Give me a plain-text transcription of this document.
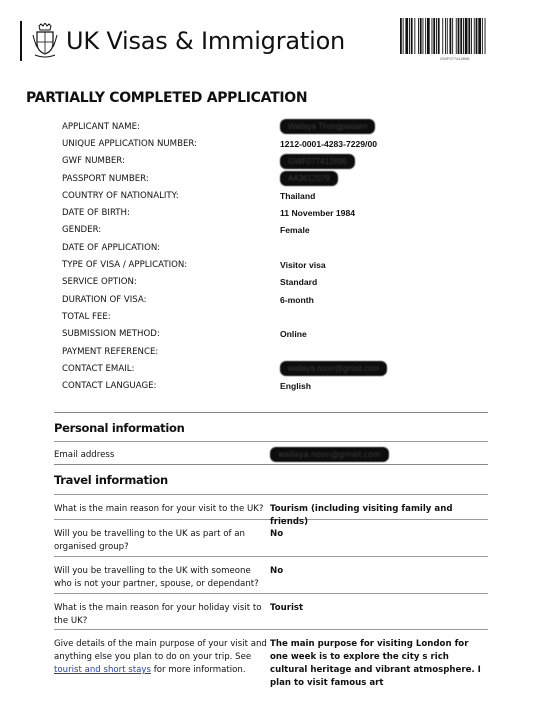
UK Visas & Immigration
GWF077412896
PARTIALLY COMPLETED APPLICATION
APPLICANT NAME:	Wallaya Thongpaisarn
UNIQUE APPLICATION NUMBER:	1212-0001-4283-7229/00
GWF NUMBER:	GWF077412896
PASSPORT NUMBER:	AA3612079
COUNTRY OF NATIONALITY:	Thailand
DATE OF BIRTH:	11 November 1984
GENDER:	Female
DATE OF APPLICATION:
TYPE OF VISA / APPLICATION:	Visitor visa
SERVICE OPTION:	Standard
DURATION OF VISA:	6-month
TOTAL FEE:
SUBMISSION METHOD:	Online
PAYMENT REFERENCE:
CONTACT EMAIL:	wallaya.noon@gmail.com
CONTACT LANGUAGE:	English
Personal information
Email address	wallaya.noon@gmail.com
Travel information
What is the main reason for your visit to the UK? Tourism (including visiting family and friends)
Will you be travelling to the UK as part of an organised group?
No
Will you be travelling to the UK with someone who is not your partner, spouse, or dependant?
No
What is the main reason for your holiday visit to the UK?
Tourist
Give details of the main purpose of your visit and anything else you plan to do on your trip. See tourist and short stays for more information.
The main purpose for visiting London for one week is to explore the city s rich cultural heritage and vibrant atmosphere. I plan to visit famous art
